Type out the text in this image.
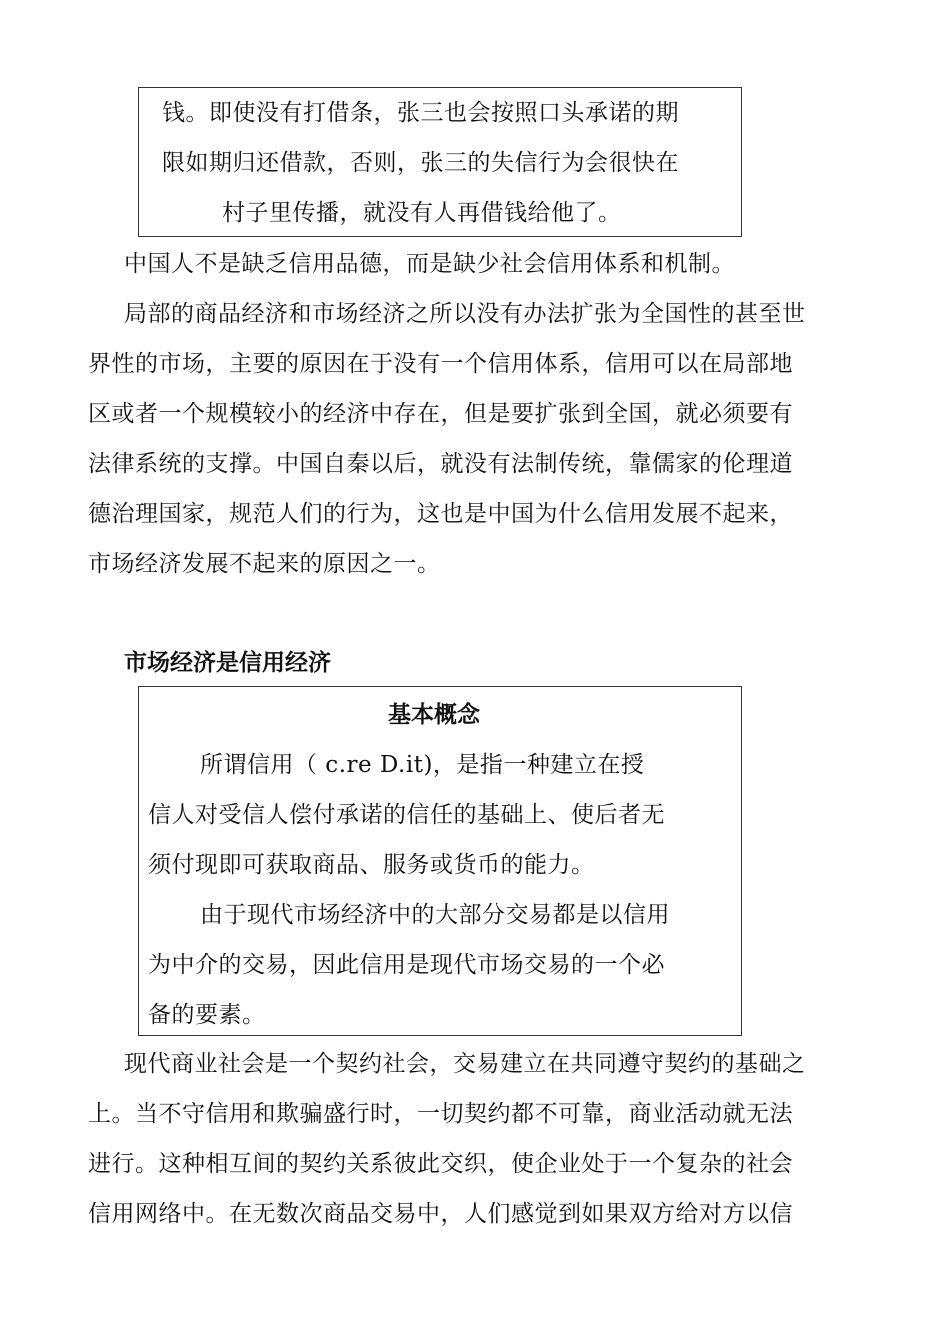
钱。即使没有打借条，张三也会按照口头承诺的期
限如期归还借款，否则，张三的失信行为会很快在
村子里传播，就没有人再借钱给他了。
中国人不是缺乏信用品德，而是缺少社会信用体系和机制。
局部的商品经济和市场经济之所以没有办法扩张为全国性的甚至世
界性的市场，主要的原因在于没有一个信用体系，信用可以在局部地
区或者一个规模较小的经济中存在，但是要扩张到全国，就必须要有
法律系统的支撑。中国自秦以后，就没有法制传统，靠儒家的伦理道
德治理国家，规范人们的行为，这也是中国为什么信用发展不起来，
市场经济发展不起来的原因之一。
市场经济是信用经济
基本概念
所谓信用（ c.re D.it)，是指一种建立在授
信人对受信人偿付承诺的信任的基础上、使后者无
须付现即可获取商品、服务或货币的能力。
由于现代市场经济中的大部分交易都是以信用
为中介的交易，因此信用是现代市场交易的一个必
备的要素。
现代商业社会是一个契约社会，交易建立在共同遵守契约的基础之
上。当不守信用和欺骗盛行时，一切契约都不可靠，商业活动就无法
进行。这种相互间的契约关系彼此交织，使企业处于一个复杂的社会
信用网络中。在无数次商品交易中，人们感觉到如果双方给对方以信
